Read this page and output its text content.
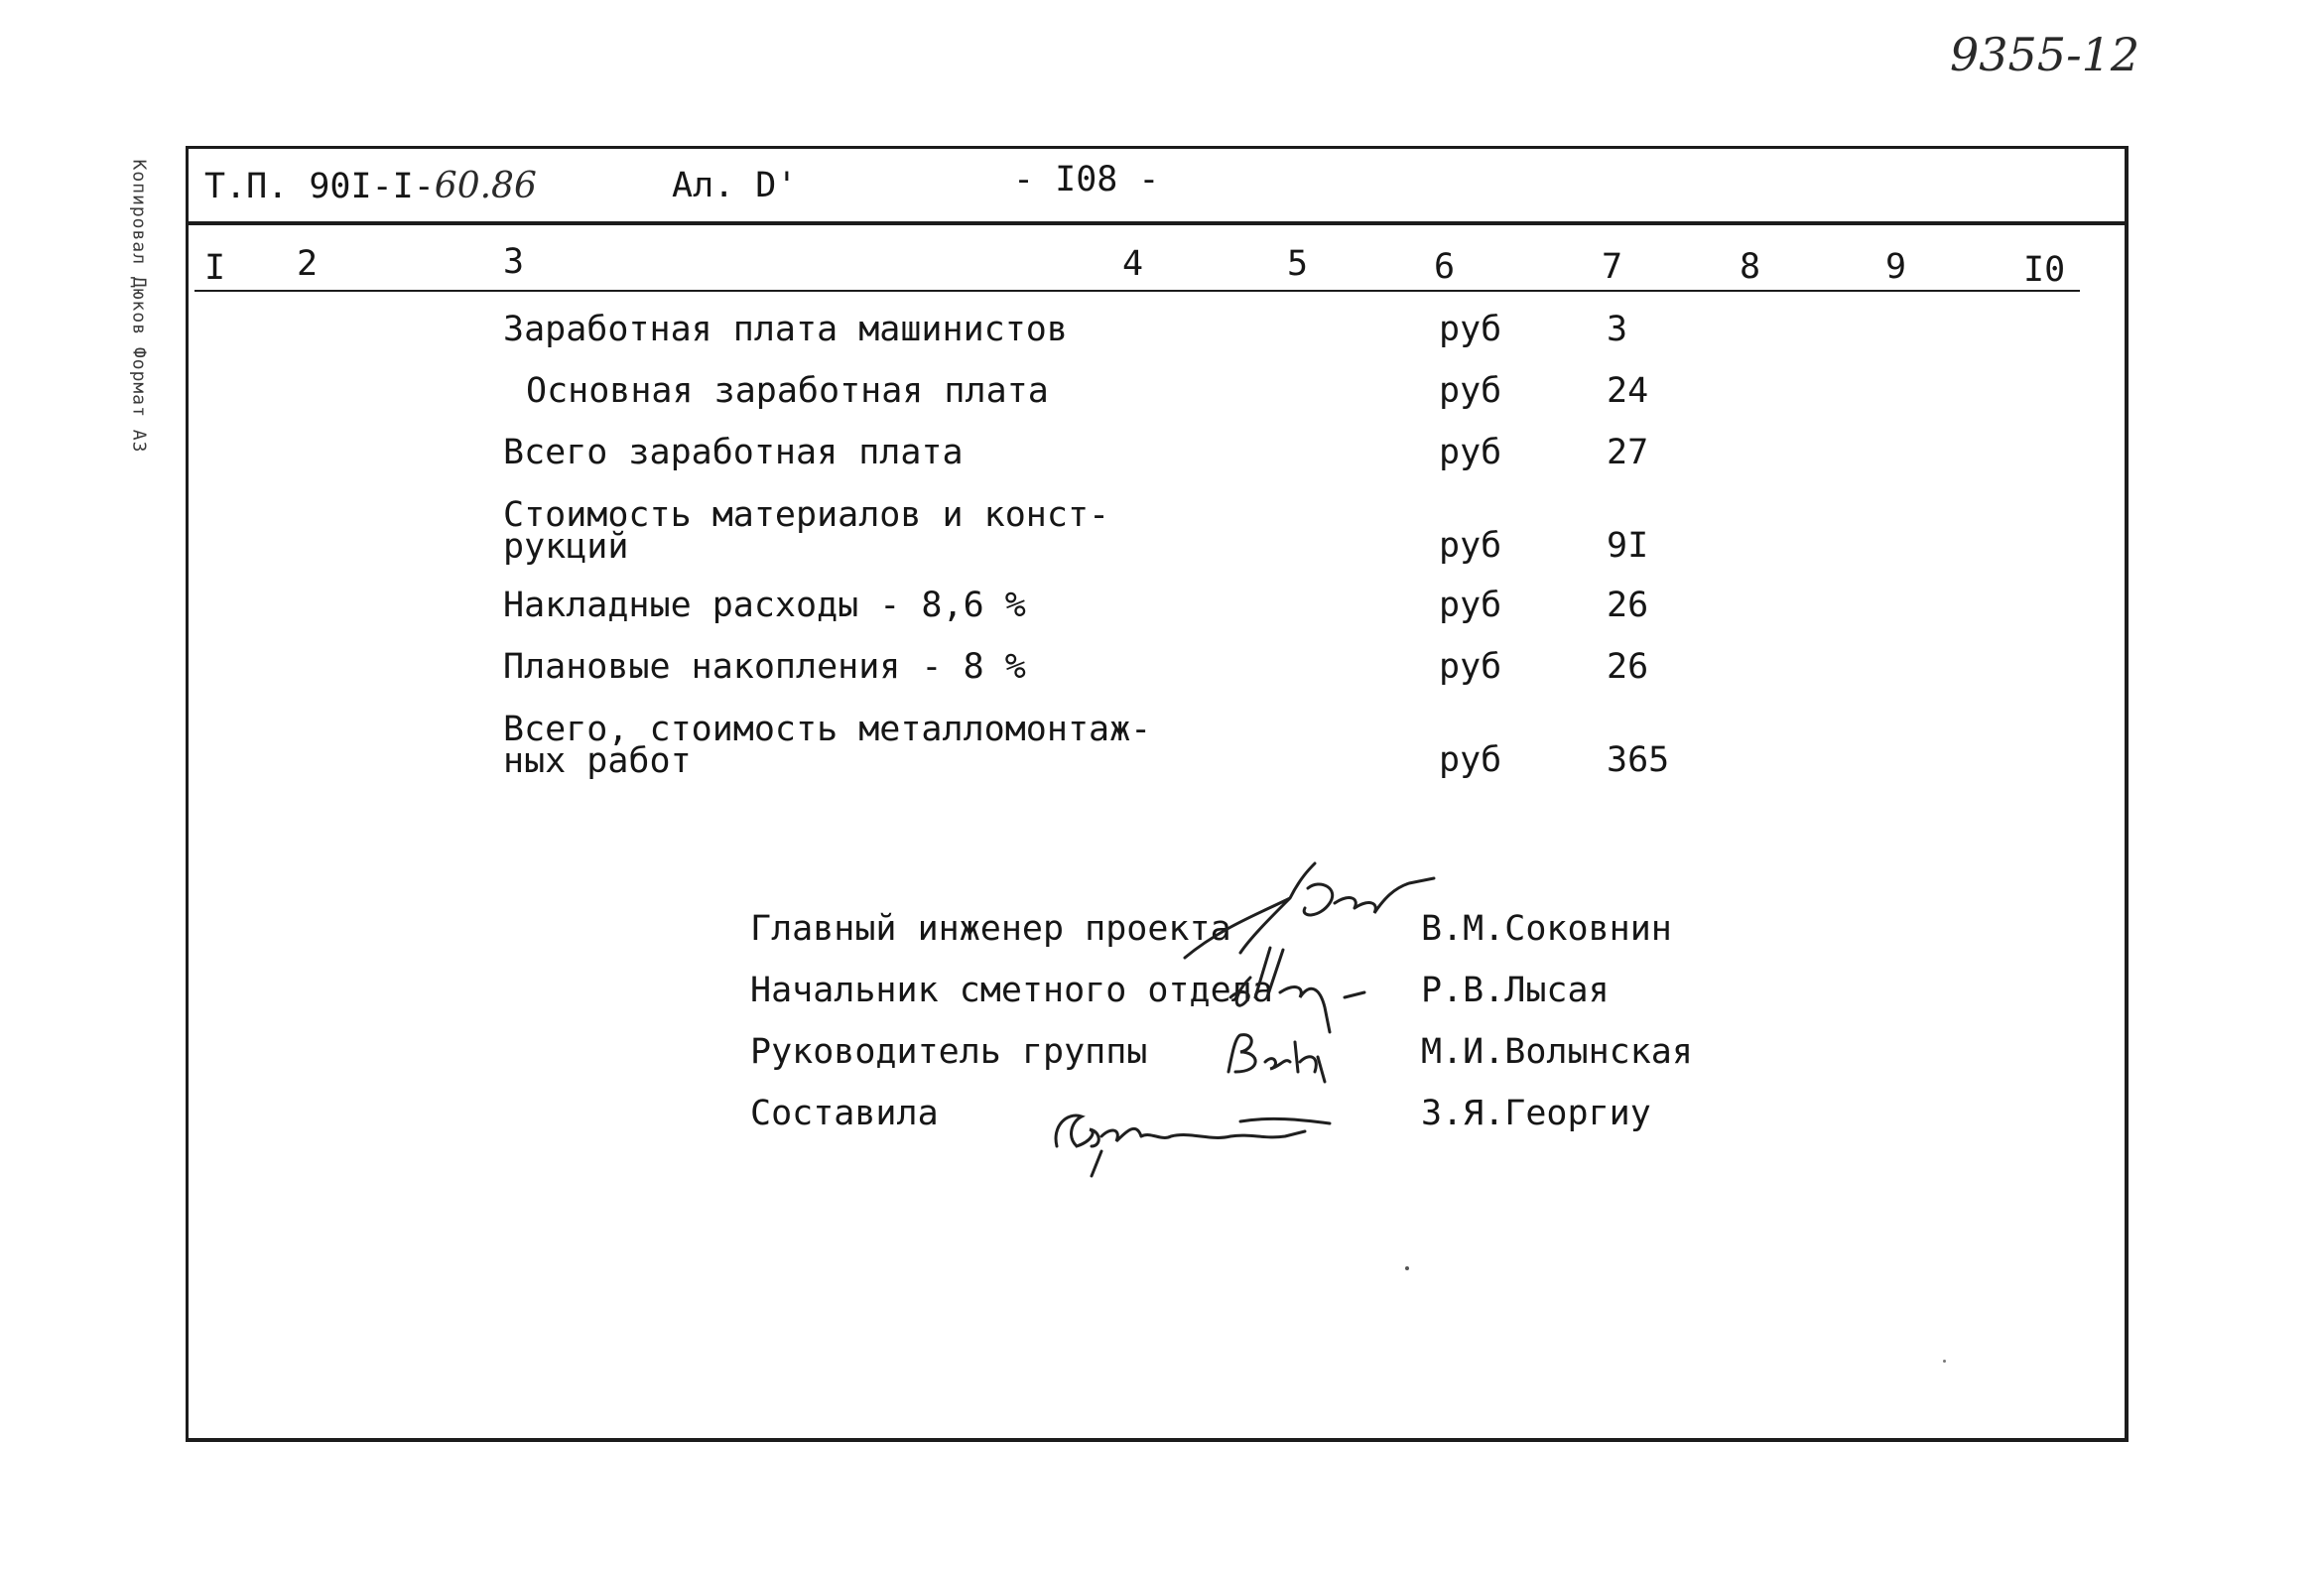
9355-12
Копировал Дюков Формат A3 Т.П. 90I-I-60.86	Ал. D'	- I08 -
I 2	3	4	5	6	7	8	9	I0
Заработная плата машинистов	руб	3
Основная заработная плата	руб	24
Всего заработная плата	руб	27
Стоимость материалов и конст-
рукций	руб	9I
Накладные расходы - 8,6 %	руб	26
Плановые накопления - 8 %	руб	26
Всего, стоимость металломонтаж-
ных работ	руб	365
Главный инженер проекта	В.М.Соковнин
Начальник сметного отдела	Р.В.Лысая
Руководитель группы	М.И.Волынская
Составила	З.Я.Георгиу
